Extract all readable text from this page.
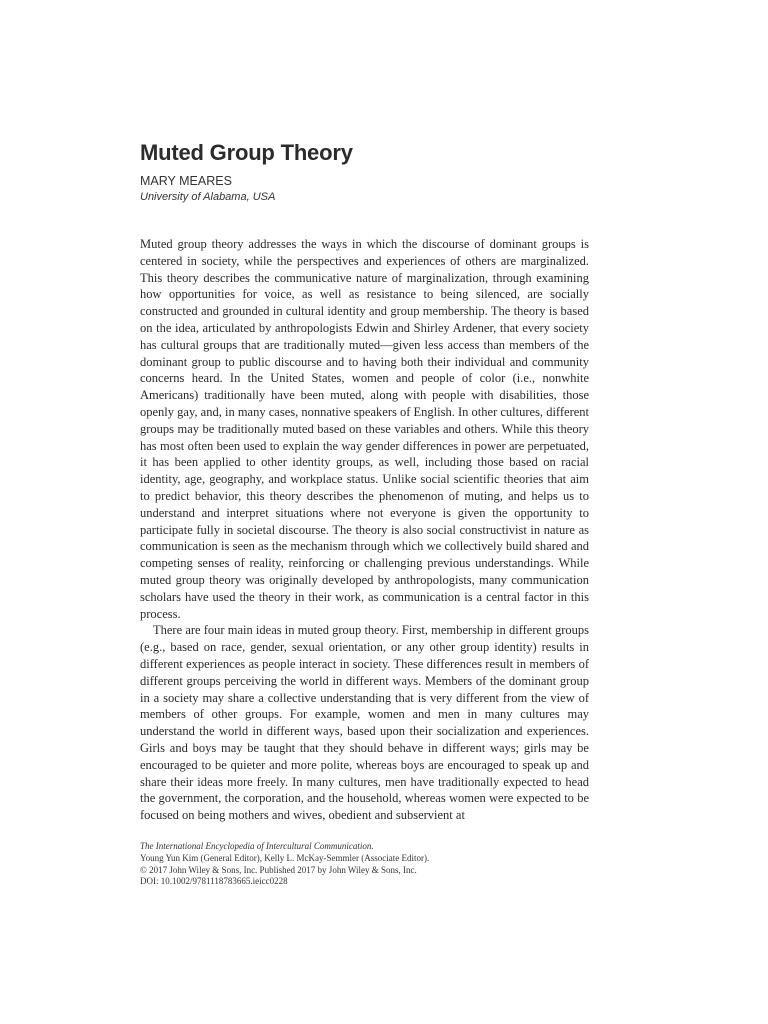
Muted Group Theory
MARY MEARES
University of Alabama, USA

Muted group theory addresses the ways in which the discourse of dominant groups is centered in society, while the perspectives and experiences of others are marginalized. This theory describes the communicative nature of marginalization, through examining how opportunities for voice, as well as resistance to being silenced, are socially constructed and grounded in cultural identity and group membership. The theory is based on the idea, articulated by anthropologists Edwin and Shirley Ardener, that every society has cultural groups that are traditionally muted—given less access than members of the dominant group to public discourse and to having both their individual and community concerns heard. In the United States, women and people of color (i.e., nonwhite Americans) traditionally have been muted, along with people with disabilities, those openly gay, and, in many cases, nonnative speakers of English. In other cultures, different groups may be traditionally muted based on these variables and others. While this theory has most often been used to explain the way gender differences in power are perpetuated, it has been applied to other identity groups, as well, including those based on racial identity, age, geography, and workplace status. Unlike social scientific theories that aim to predict behavior, this theory describes the phenomenon of muting, and helps us to understand and interpret situations where not everyone is given the opportunity to participate fully in societal discourse. The theory is also social constructivist in nature as communication is seen as the mechanism through which we collectively build shared and competing senses of reality, reinforcing or challenging previous understandings. While muted group theory was originally developed by anthropologists, many communication scholars have used the theory in their work, as communication is a central factor in this process.

There are four main ideas in muted group theory. First, membership in different groups (e.g., based on race, gender, sexual orientation, or any other group identity) results in different experiences as people interact in society. These differences result in members of different groups perceiving the world in different ways. Members of the dominant group in a society may share a collective understanding that is very different from the view of members of other groups. For example, women and men in many cultures may understand the world in different ways, based upon their socialization and experiences. Girls and boys may be taught that they should behave in different ways; girls may be encouraged to be quieter and more polite, whereas boys are encouraged to speak up and share their ideas more freely. In many cultures, men have traditionally expected to head the government, the corporation, and the household, whereas women were expected to be focused on being mothers and wives, obedient and subservient at

The International Encyclopedia of Intercultural Communication.
Young Yun Kim (General Editor), Kelly L. McKay-Semmler (Associate Editor).
© 2017 John Wiley & Sons, Inc. Published 2017 by John Wiley & Sons, Inc.
DOI: 10.1002/9781118783665.ieicc0228
